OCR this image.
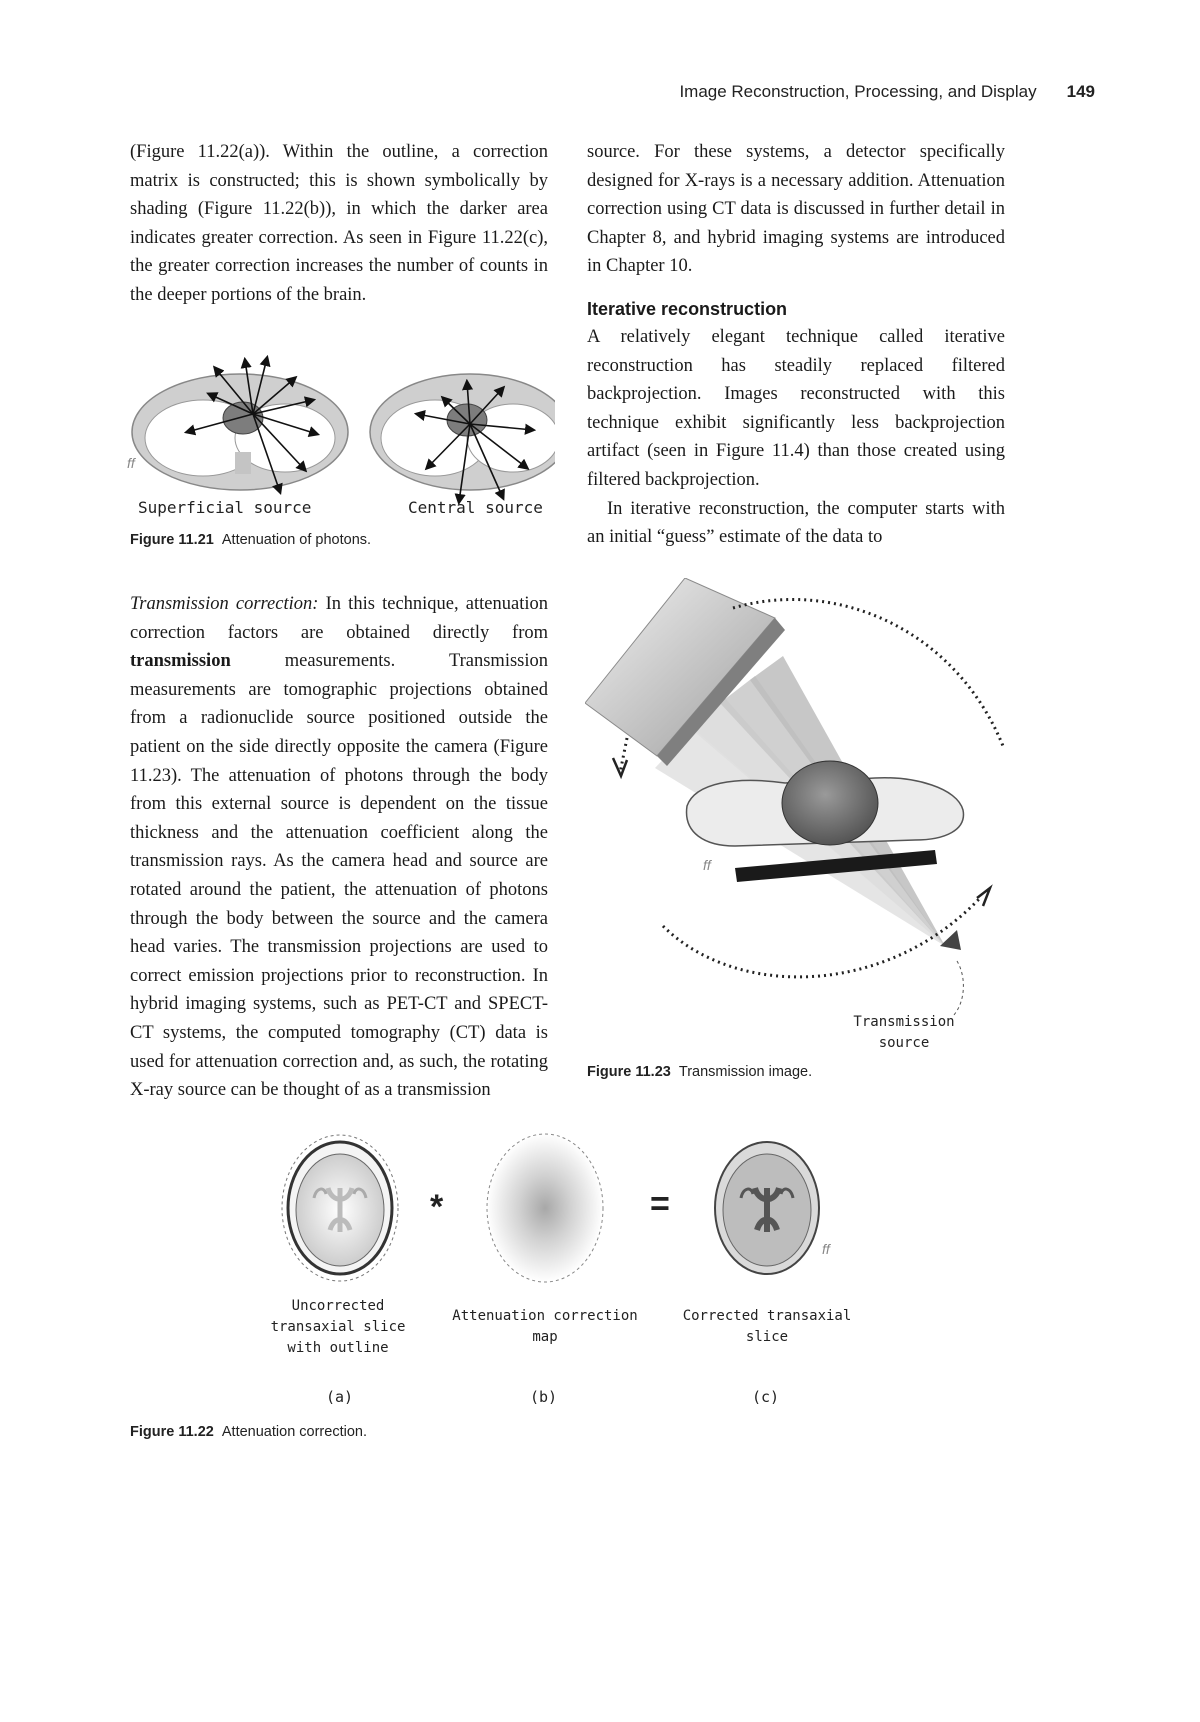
Image Reconstruction, Processing, and Display 149

(Figure 11.22(a)). Within the outline, a correction matrix is constructed; this is shown symbolically by shading (Figure 11.22(b)), in which the darker area indicates greater correction. As seen in Figure 11.22(c), the greater correction increases the number of counts in the deeper portions of the brain.

ff
Superficial source	Central source
Figure 11.21 Attenuation of photons.

Transmission correction: In this technique, attenuation correction factors are obtained directly from transmission measurements. Transmission measurements are tomographic projections obtained from a radionuclide source positioned outside the patient on the side directly opposite the camera (Figure 11.23). The attenuation of photons through the body from this external source is dependent on the tissue thickness and the attenuation coefficient along the transmission rays. As the camera head and source are rotated around the patient, the attenuation of photons through the body between the source and the camera head varies. The transmission projections are used to correct emission projections prior to reconstruction. In hybrid imaging systems, such as PET-CT and SPECT-CT systems, the computed tomography (CT) data is used for attenuation correction and, as such, the rotating X-ray source can be thought of as a transmission

source. For these systems, a detector specifically designed for X-rays is a necessary addition. Attenuation correction using CT data is discussed in further detail in Chapter 8, and hybrid imaging systems are introduced in Chapter 10.

Iterative reconstruction

A relatively elegant technique called iterative reconstruction has steadily replaced filtered backprojection. Images reconstructed with this technique exhibit significantly less backprojection artifact (seen in Figure 11.4) than those created using filtered backprojection.

In iterative reconstruction, the computer starts with an initial “guess” estimate of the data to

ff
Transmission
source
Figure 11.23 Transmission image.
ff
*	=
Uncorrected
transaxial slice
with outline
Attenuation correction
map
Corrected transaxial slice
(a)	(b)	(c)
Figure 11.22 Attenuation correction.
